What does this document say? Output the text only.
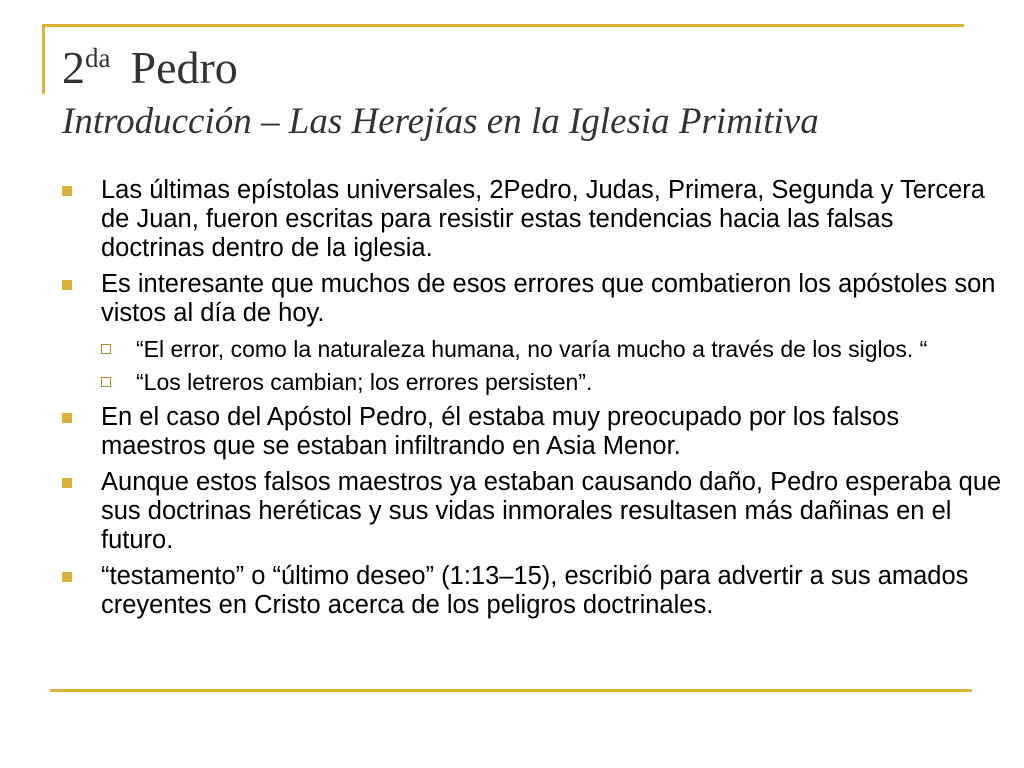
$2^{da}$ Pedro
Introducción – Las Herejías en la Iglesia Primitiva
Las últimas epístolas universales, 2Pedro, Judas, Primera, Segunda y Tercera de Juan, fueron escritas para resistir estas tendencias hacia las falsas doctrinas dentro de la iglesia.
Es interesante que muchos de esos errores que combatieron los apóstoles son vistos al día de hoy.
“El error, como la naturaleza humana, no varía mucho a través de los siglos. “
“Los letreros cambian; los errores persisten”.
En el caso del Apóstol Pedro, él estaba muy preocupado por los falsos maestros que se estaban infiltrando en Asia Menor.
Aunque estos falsos maestros ya estaban causando daño, Pedro esperaba que sus doctrinas heréticas y sus vidas inmorales resultasen más dañinas en el futuro.
“testamento” o “último deseo” (1:13–15), escribió para advertir a sus amados creyentes en Cristo acerca de los peligros doctrinales.
